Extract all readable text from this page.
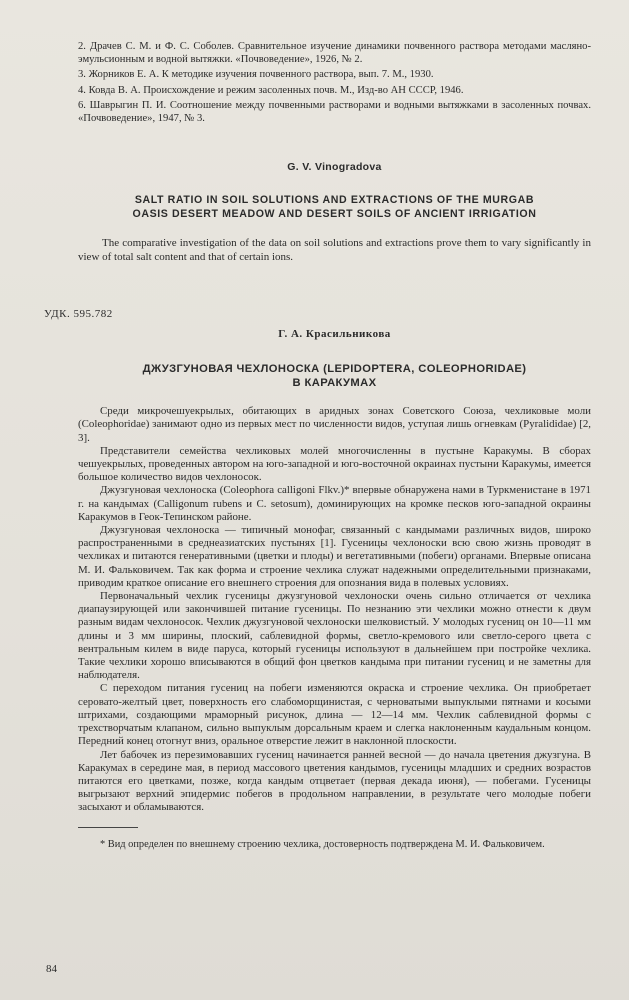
2. Драчев С. М. и Ф. С. Соболев. Сравнительное изучение динамики почвенного раствора методами масляно-эмульсионным и водной вытяжки. «Почвоведение», 1926, № 2.

3. Жорников Е. А. К методике изучения почвенного раствора, вып. 7. М., 1930.

4. Ковда В. А. Происхождение и режим засоленных почв. М., Изд-во АН СССР, 1946.

6. Шаврыгин П. И. Соотношение между почвенными растворами и водными вытяжками в засоленных почвах. «Почвоведение», 1947, № 3.

G. V. Vinogradova

SALT RATIO IN SOIL SOLUTIONS AND EXTRACTIONS OF THE MURGAB
OASIS DESERT MEADOW AND DESERT SOILS OF ANCIENT IRRIGATION

The comparative investigation of the data on soil solutions and extractions prove them to vary significantly in view of total salt content and that of certain ions.

УДК. 595.782

Г. А. Красильникова

ДЖУЗГУНОВАЯ ЧЕХЛОНОСКА (LEPIDOPTERA, COLEOPHORIDAE)
В КАРАКУМАХ

Среди микрочешуекрылых, обитающих в аридных зонах Советского Союза, чехликовые моли (Coleophoridae) занимают одно из первых мест по численности видов, уступая лишь огневкам (Pyralididae) [2, 3].

Представители семейства чехликовых молей многочисленны в пустыне Каракумы. В сборах чешуекрылых, проведенных автором на юго-западной и юго-восточной окраинах пустыни Каракумы, имеется большое количество видов чехлоносок.

Джузгуновая чехлоноска (Coleophora calligoni Flkv.)* впервые обнаружена нами в Туркменистане в 1971 г. на кандымах (Calligonum rubens и C. setosum), доминирующих на кромке песков юго-западной окраины Каракумов в Геок-Тепинском районе.

Джузгуновая чехлоноска — типичный монофаг, связанный с кандымами различных видов, широко распространенными в среднеазиатских пустынях [1]. Гусеницы чехлоноски всю свою жизнь проводят в чехликах и питаются генеративными (цветки и плоды) и вегетативными (побеги) органами. Впервые описана М. И. Фальковичем. Так как форма и строение чехлика служат надежными определительными признаками, приводим краткое описание его внешнего строения для опознания вида в полевых условиях.

Первоначальный чехлик гусеницы джузгуновой чехлоноски очень сильно отличается от чехлика диапаузирующей или закончившей питание гусеницы. По незнанию эти чехлики можно отнести к двум разным видам чехлоносок. Чехлик джузгуновой чехлоноски шелковистый. У молодых гусениц он 10—11 мм длины и 3 мм ширины, плоский, саблевидной формы, светло-кремового или светло-серого цвета с вентральным килем в виде паруса, который гусеницы используют в дальнейшем при постройке чехлика. Такие чехлики хорошо вписываются в общий фон цветков кандыма при питании гусениц и не заметны для наблюдателя.

С переходом питания гусениц на побеги изменяются окраска и строение чехлика. Он приобретает серовато-желтый цвет, поверхность его слабоморщинистая, с черноватыми выпуклыми пятнами и косыми штрихами, создающими мраморный рисунок, длина — 12—14 мм. Чехлик саблевидной формы с трехстворчатым клапаном, сильно выпуклым дорсальным краем и слегка наклоненным каудальным концом. Передний конец отогнут вниз, оральное отверстие лежит в наклонной плоскости.

Лет бабочек из перезимовавших гусениц начинается ранней весной — до начала цветения джузгуна. В Каракумах в середине мая, в период массового цветения кандымов, гусеницы младших и средних возрастов питаются его цветками, позже, когда кандым отцветает (первая декада июня), — побегами. Гусеницы выгрызают верхний эпидермис побегов в продольном направлении, в результате чего молодые побеги засыхают и обламываются.

* Вид определен по внешнему строению чехлика, достоверность подтверждена М. И. Фальковичем.

84
